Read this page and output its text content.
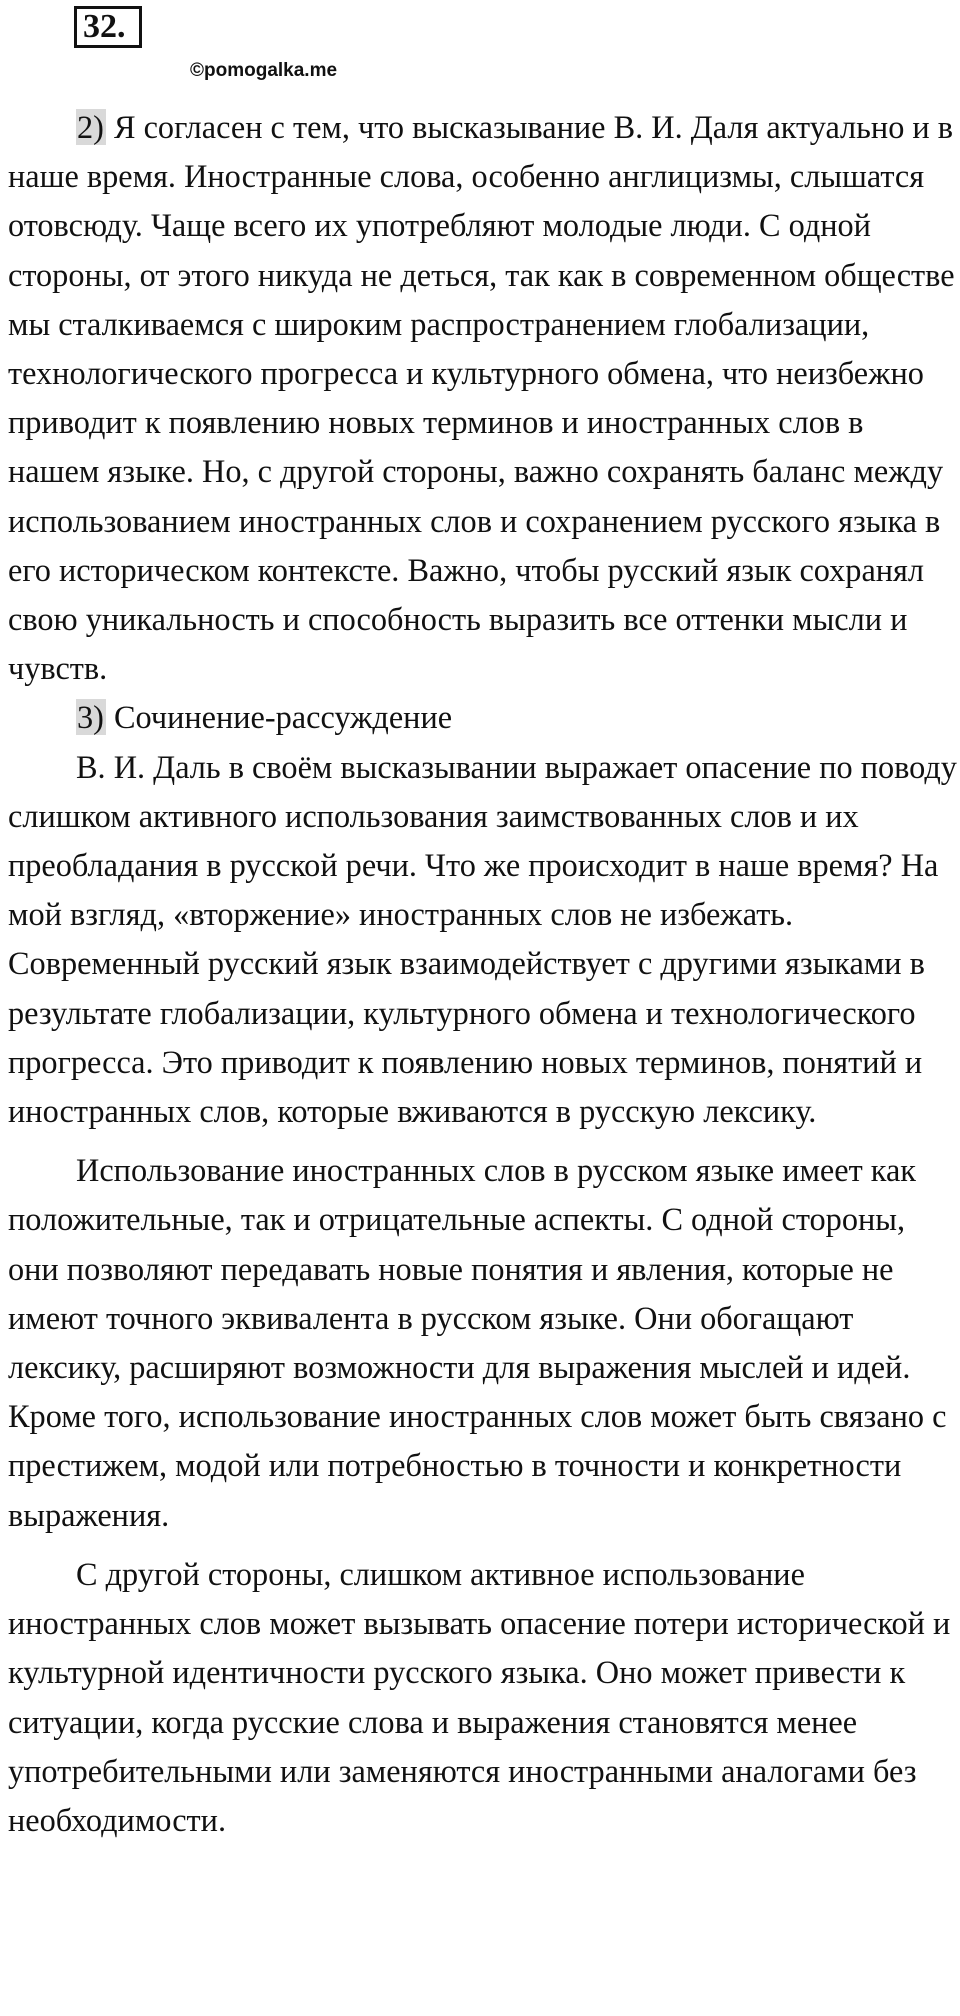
32.
©pomogalka.me

2) Я согласен с тем, что высказывание В. И. Даля актуально и в наше время. Иностранные слова, особенно англицизмы, слышатся отовсюду. Чаще всего их употребляют молодые люди. С одной стороны, от этого никуда не деться, так как в современном обществе мы сталкиваемся с широким распространением глобализации, технологического прогресса и культурного обмена, что неизбежно приводит к появлению новых терминов и иностранных слов в нашем языке. Но, с другой стороны, важно сохранять баланс между использованием иностранных слов и сохранением русского языка в его историческом контексте. Важно, чтобы русский язык сохранял свою уникальность и способность выразить все оттенки мысли и чувств.

3) Сочинение-рассуждение

В. И. Даль в своём высказывании выражает опасение по поводу слишком активного использования заимствованных слов и их преобладания в русской речи. Что же происходит в наше время? На мой взгляд, «вторжение» иностранных слов не избежать. Современный русский язык взаимодействует с другими языками в результате глобализации, культурного обмена и технологического прогресса. Это приводит к появлению новых терминов, понятий и иностранных слов, которые вживаются в русскую лексику.

Использование иностранных слов в русском языке имеет как положительные, так и отрицательные аспекты. С одной стороны, они позволяют передавать новые понятия и явления, которые не имеют точного эквивалента в русском языке. Они обогащают лексику, расширяют возможности для выражения мыслей и идей. Кроме того, использование иностранных слов может быть связано с престижем, модой или потребностью в точности и конкретности выражения.

С другой стороны, слишком активное использование иностранных слов может вызывать опасение потери исторической и культурной идентичности русского языка. Оно может привести к ситуации, когда русские слова и выражения становятся менее употребительными или заменяются иностранными аналогами без необходимости.
